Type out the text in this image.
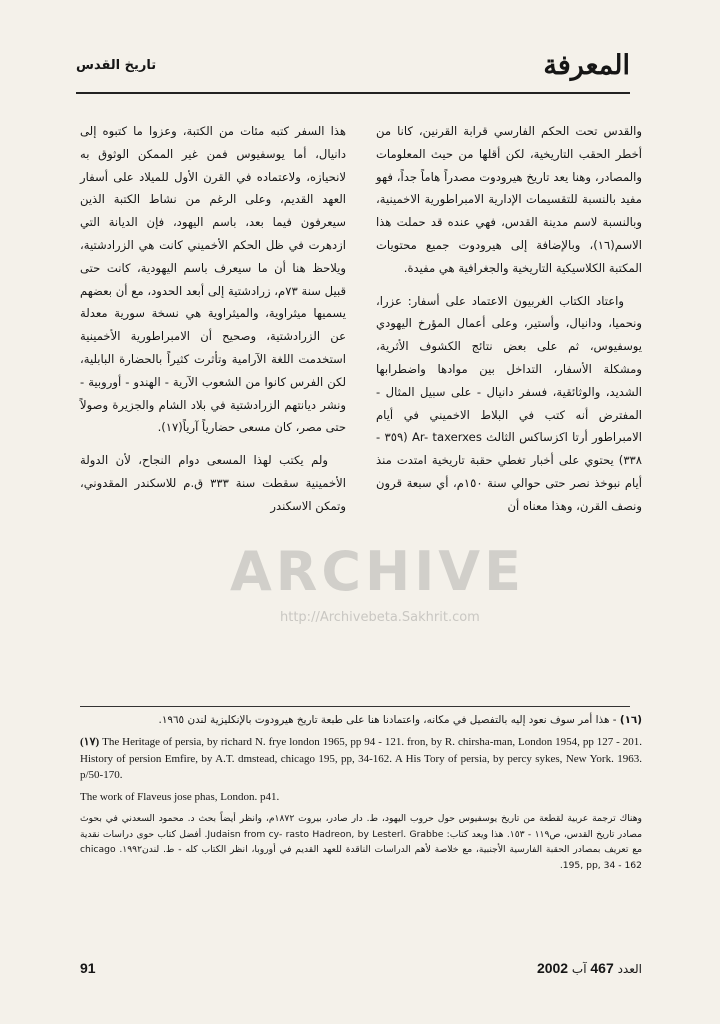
المعرفة
تاريخ القدس

والقدس تحت الحكم الفارسي قرابة القرنين، كانا من أخطر الحقب التاريخية، لكن أقلها من حيث المعلومات والمصادر، وهنا يعد تاريخ هيرودوت مصدراً هاماً جداً، فهو مفيد بالنسبة للتقسيمات الإدارية الامبراطورية الاخمينية، وبالنسبة لاسم مدينة القدس، فهي عنده قد حملت هذا الاسم(١٦)، وبالإضافة إلى هيرودوت جميع محتويات المكتبة الكلاسيكية التاريخية والجغرافية هي مفيدة.

واعتاد الكتاب الغربيون الاعتماد على أسفار: عزرا، ونحميا، ودانيال، وأستير، وعلى أعمال المؤرخ اليهودي يوسفيوس، ثم على بعض نتائج الكشوف الأثرية، ومشكلة الأسفار، التداخل بين موادها واضطرابها الشديد، والوثائقية، فسفر دانيال - على سبيل المثال - المفترض أنه كتب في البلاط الاخميني في أيام الامبراطور أرتا اكزساكس الثالث Ar- taxerxes (٣٥٩ - ٣٣٨) يحتوي على أخبار تغطي حقبة تاريخية امتدت منذ أيام نبوخذ نصر حتى حوالي سنة ١٥٠م، أي سبعة قرون ونصف القرن، وهذا معناه أن

هذا السفر كتبه مئات من الكتبة، وعزوا ما كتبوه إلى دانيال، أما يوسفيوس فمن غير الممكن الوثوق به لانحيازه، ولاعتماده في القرن الأول للميلاد على أسفار العهد القديم، وعلى الرغم من نشاط الكتبة الذين سيعرفون فيما بعد، باسم اليهود، فإن الديانة التي ازدهرت في ظل الحكم الأخميني كانت هي الزرادشتية، ويلاحظ هنا أن ما سيعرف باسم اليهودية، كانت حتى قبيل سنة ٧٣م، زرادشتية إلى أبعد الحدود، مع أن بعضهم يسميها ميثراوية، والميثراوية هي نسخة سورية معدلة عن الزرادشتية، وصحيح أن الامبراطورية الأخمينية استخدمت اللغة الآرامية وتأثرت كثيراً بالحضارة البابلية، لكن الفرس كانوا من الشعوب الآرية - الهندو - أوروبية - ونشر ديانتهم الزرادشتية في بلاد الشام والجزيرة وصولاً حتى مصر، كان مسعى حضارياً آرياً(١٧).

ولم يكتب لهذا المسعى دوام النجاح، لأن الدولة الأخمينية سقطت سنة ٣٣٣ ق.م للاسكندر المقدوني، وتمكن الاسكندر

ARCHIVE
http://Archivebeta.Sakhrit.com

(١٦) - هذا أمر سوف نعود إليه بالتفصيل في مكانه، واعتمادنا هنا على طبعة تاريخ هيرودوت بالإنكليزية لندن ١٩٦٥.

(١٧) The Heritage of persia, by richard N. frye london 1965, pp 94 - 121. fron, by R. chirsha-man, London 1954, pp 127 - 201. History of persion Emfire, by A.T. dmstead, chicago 195, pp, 34-162. A His Tory of persia, by percy sykes, New York. 1963. p/50-170.

The work of Flaveus jose phas, London. p41.

وهناك ترجمة عربية لقطعة من تاريخ يوسفيوس حول حروب اليهود، ط. دار صادر، بيروت ١٨٧٢م، وانظر أيضاً بحث د. محمود السعدني في بحوث مصادر تاريخ القدس، ص١١٩ - ١٥٣. هذا ويعد كتاب: Judaisn from cy- rasto Hadreon, by Lesterl. Grabbe. أفضل كتاب حوى دراسات نقدية مع تعريف بمصادر الحقبة الفارسية الأجنبية، مع خلاصة لأهم الدراسات الناقدة للعهد القديم في أوروبا، انظر الكتاب كله - ط. لندن١٩٩٢. chicago 195, pp, 34 - 162.

91	العدد 467 آب 2002
